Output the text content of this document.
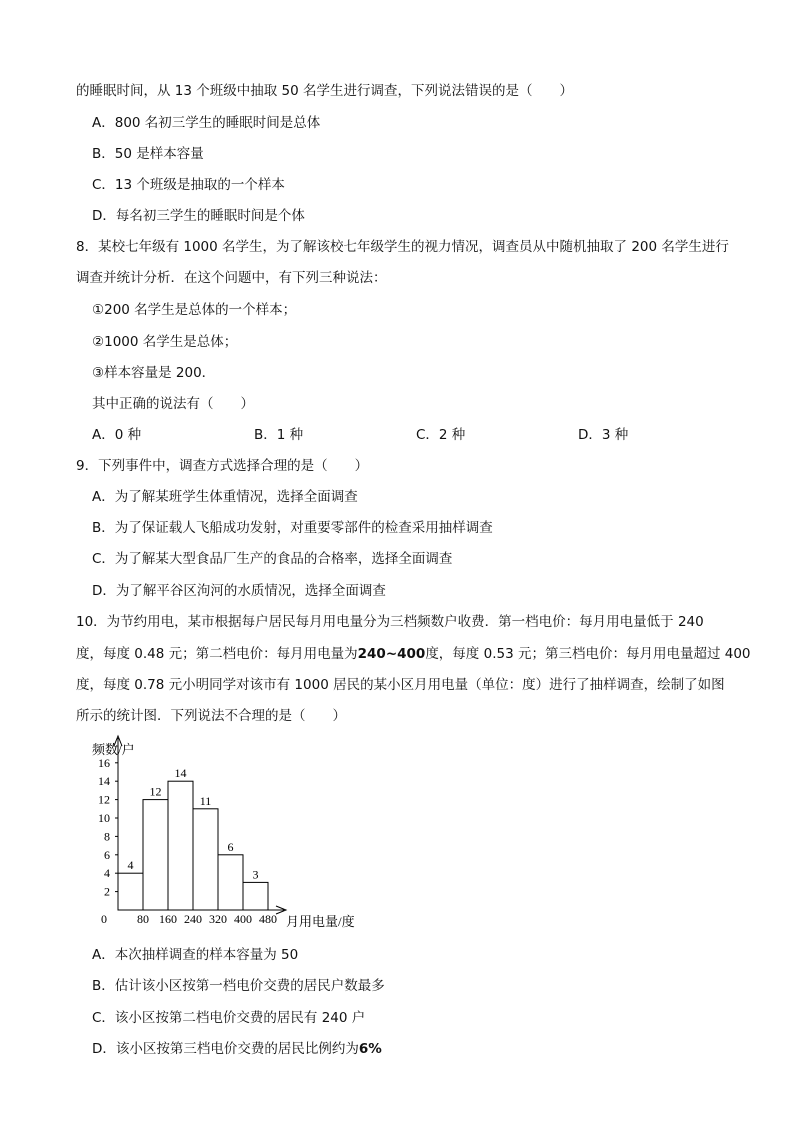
的睡眠时间，从 13 个班级中抽取 50 名学生进行调查，下列说法错误的是（　　）
A．800 名初三学生的睡眠时间是总体
B．50 是样本容量
C．13 个班级是抽取的一个样本
D．每名初三学生的睡眠时间是个体
8．某校七年级有 1000 名学生，为了解该校七年级学生的视力情况，调查员从中随机抽取了 200 名学生进行
调查并统计分析．在这个问题中，有下列三种说法：
①200 名学生是总体的一个样本；
②1000 名学生是总体；
③样本容量是 200．
其中正确的说法有（　　）
A．0 种	B．1 种	C．2 种	D．3 种
9．下列事件中，调查方式选择合理的是（　　）
A．为了解某班学生体重情况，选择全面调查
B．为了保证载人飞船成功发射，对重要零部件的检查采用抽样调查
C．为了解某大型食品厂生产的食品的合格率，选择全面调查
D．为了解平谷区泃河的水质情况，选择全面调查
10．为节约用电，某市根据每户居民每月用电量分为三档频数户收费．第一档电价：每月用电量低于 240
度，每度 0.48 元；第二档电价：每月用电量为240~400度，每度 0.53 元；第三档电价：每月用电量超过 400
度，每度 0.78 元小明同学对该市有 1000 居民的某小区月用电量（单位：度）进行了抽样调查，绘制了如图
所示的统计图．下列说法不合理的是（　　）
频数/户
月用电量/度
2
4
6
8
10
12
14
16
0	80 160 240 320 400 480
4
12
14
11
6
3
A．本次抽样调查的样本容量为 50
B．估计该小区按第一档电价交费的居民户数最多
C．该小区按第二档电价交费的居民有 240 户
D．该小区按第三档电价交费的居民比例约为6%
